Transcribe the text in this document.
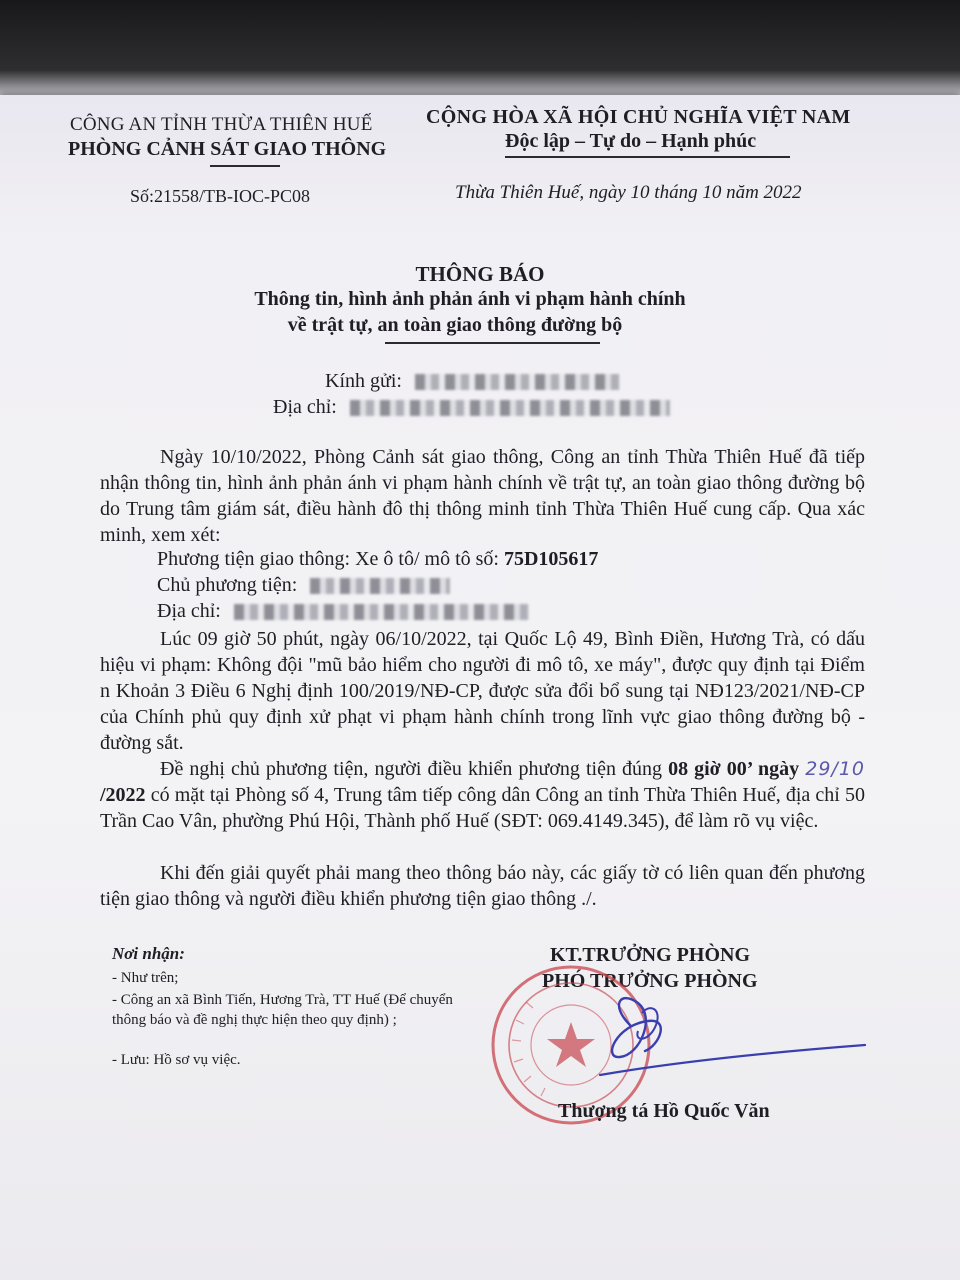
CÔNG AN TỈNH THỪA THIÊN HUẾ
PHÒNG CẢNH SÁT GIAO THÔNG
CỘNG HÒA XÃ HỘI CHỦ NGHĨA VIỆT NAM
Độc lập – Tự do – Hạnh phúc
Số:21558/TB-IOC-PC08	Thừa Thiên Huế, ngày 10 tháng 10 năm 2022
THÔNG BÁO
Thông tin, hình ảnh phản ánh vi phạm hành chính
về trật tự, an toàn giao thông đường bộ
Kính gửi:
Địa chỉ:
Ngày 10/10/2022, Phòng Cảnh sát giao thông, Công an tỉnh Thừa Thiên Huế đã tiếp nhận thông tin, hình ảnh phản ánh vi phạm hành chính về trật tự, an toàn giao thông đường bộ do Trung tâm giám sát, điều hành đô thị thông minh tỉnh Thừa Thiên Huế cung cấp. Qua xác minh, xem xét:
Phương tiện giao thông: Xe ô tô/ mô tô số: 75D105617
Chủ phương tiện:
Địa chỉ:
Lúc 09 giờ 50 phút, ngày 06/10/2022, tại Quốc Lộ 49, Bình Điền, Hương Trà, có dấu hiệu vi phạm: Không đội "mũ bảo hiểm cho người đi mô tô, xe máy", được quy định tại Điểm n Khoản 3 Điều 6 Nghị định 100/2019/NĐ-CP, được sửa đổi bổ sung tại NĐ123/2021/NĐ-CP của Chính phủ quy định xử phạt vi phạm hành chính trong lĩnh vực giao thông đường bộ - đường sắt.
Đề nghị chủ phương tiện, người điều khiển phương tiện đúng 08 giờ 00’ ngày 29/10 /2022 có mặt tại Phòng số 4, Trung tâm tiếp công dân Công an tỉnh Thừa Thiên Huế, địa chỉ 50 Trần Cao Vân, phường Phú Hội, Thành phố Huế (SĐT: 069.4149.345), để làm rõ vụ việc.
Khi đến giải quyết phải mang theo thông báo này, các giấy tờ có liên quan đến phương tiện giao thông và người điều khiển phương tiện giao thông ./.
Nơi nhận:
- Như trên;
- Công an xã Bình Tiến, Hương Trà, TT Huế (Để chuyển thông báo và đề nghị thực hiện theo quy định) ;
- Lưu: Hồ sơ vụ việc.
KT.TRƯỞNG PHÒNG
PHÓ TRƯỞNG PHÒNG
Thượng tá Hồ Quốc Văn
